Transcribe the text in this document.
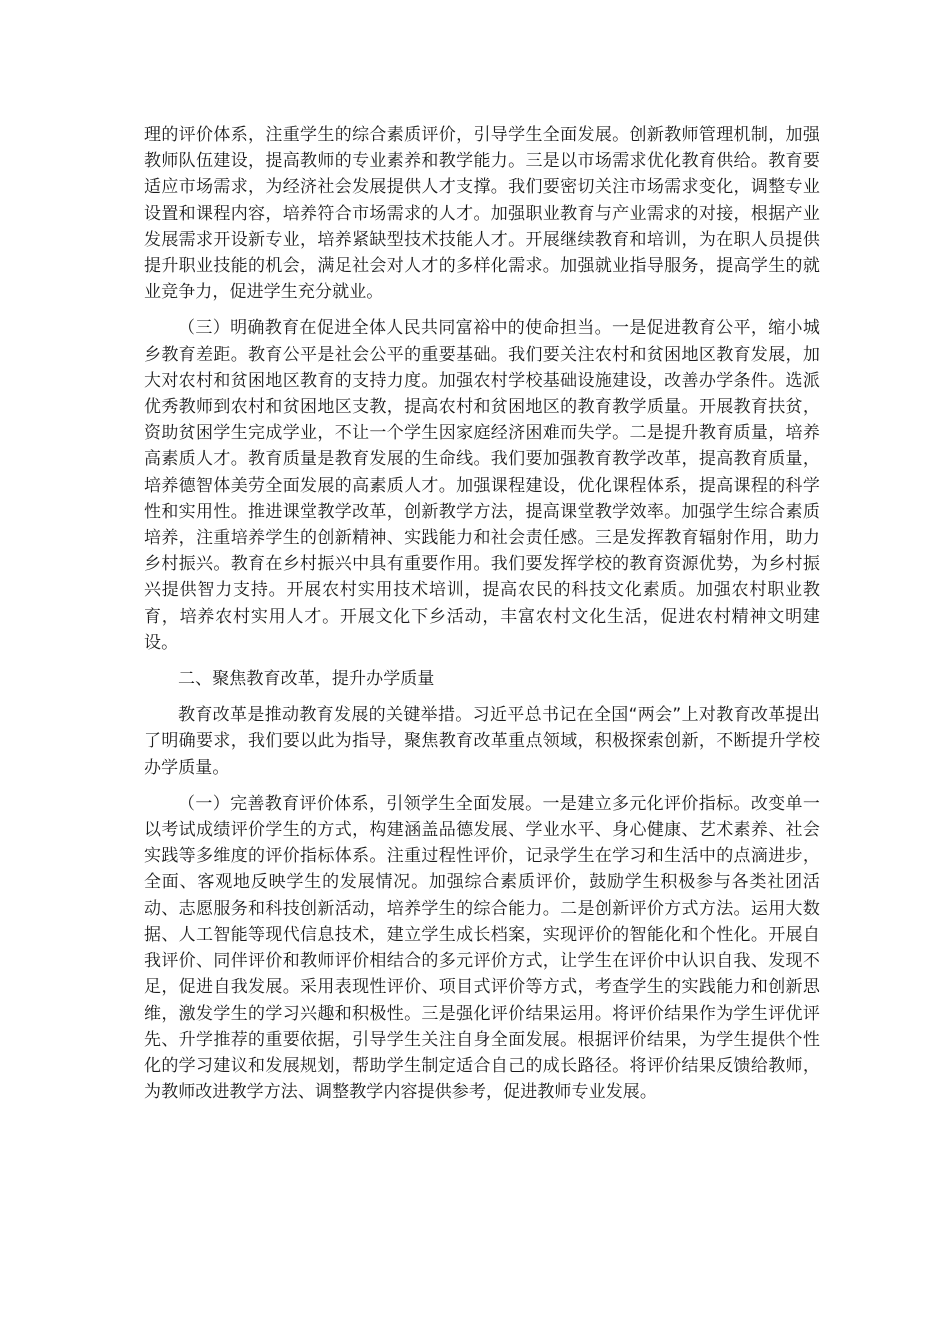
理的评价体系，注重学生的综合素质评价，引导学生全面发展。创新教师管理机制，加强教师队伍建设，提高教师的专业素养和教学能力。三是以市场需求优化教育供给。教育要适应市场需求，为经济社会发展提供人才支撑。我们要密切关注市场需求变化，调整专业设置和课程内容，培养符合市场需求的人才。加强职业教育与产业需求的对接，根据产业发展需求开设新专业，培养紧缺型技术技能人才。开展继续教育和培训，为在职人员提供提升职业技能的机会，满足社会对人才的多样化需求。加强就业指导服务，提高学生的就业竞争力，促进学生充分就业。

（三）明确教育在促进全体人民共同富裕中的使命担当。一是促进教育公平，缩小城乡教育差距。教育公平是社会公平的重要基础。我们要关注农村和贫困地区教育发展，加大对农村和贫困地区教育的支持力度。加强农村学校基础设施建设，改善办学条件。选派优秀教师到农村和贫困地区支教，提高农村和贫困地区的教育教学质量。开展教育扶贫，资助贫困学生完成学业，不让一个学生因家庭经济困难而失学。二是提升教育质量，培养高素质人才。教育质量是教育发展的生命线。我们要加强教育教学改革，提高教育质量，培养德智体美劳全面发展的高素质人才。加强课程建设，优化课程体系，提高课程的科学性和实用性。推进课堂教学改革，创新教学方法，提高课堂教学效率。加强学生综合素质培养，注重培养学生的创新精神、实践能力和社会责任感。三是发挥教育辐射作用，助力乡村振兴。教育在乡村振兴中具有重要作用。我们要发挥学校的教育资源优势，为乡村振兴提供智力支持。开展农村实用技术培训，提高农民的科技文化素质。加强农村职业教育，培养农村实用人才。开展文化下乡活动，丰富农村文化生活，促进农村精神文明建设。

二、聚焦教育改革，提升办学质量

教育改革是推动教育发展的关键举措。习近平总书记在全国“两会”上对教育改革提出了明确要求，我们要以此为指导，聚焦教育改革重点领域，积极探索创新，不断提升学校办学质量。

（一）完善教育评价体系，引领学生全面发展。一是建立多元化评价指标。改变单一以考试成绩评价学生的方式，构建涵盖品德发展、学业水平、身心健康、艺术素养、社会实践等多维度的评价指标体系。注重过程性评价，记录学生在学习和生活中的点滴进步，全面、客观地反映学生的发展情况。加强综合素质评价，鼓励学生积极参与各类社团活动、志愿服务和科技创新活动，培养学生的综合能力。二是创新评价方式方法。运用大数据、人工智能等现代信息技术，建立学生成长档案，实现评价的智能化和个性化。开展自我评价、同伴评价和教师评价相结合的多元评价方式，让学生在评价中认识自我、发现不足，促进自我发展。采用表现性评价、项目式评价等方式，考查学生的实践能力和创新思维，激发学生的学习兴趣和积极性。三是强化评价结果运用。将评价结果作为学生评优评先、升学推荐的重要依据，引导学生关注自身全面发展。根据评价结果，为学生提供个性化的学习建议和发展规划，帮助学生制定适合自己的成长路径。将评价结果反馈给教师，为教师改进教学方法、调整教学内容提供参考，促进教师专业发展。
